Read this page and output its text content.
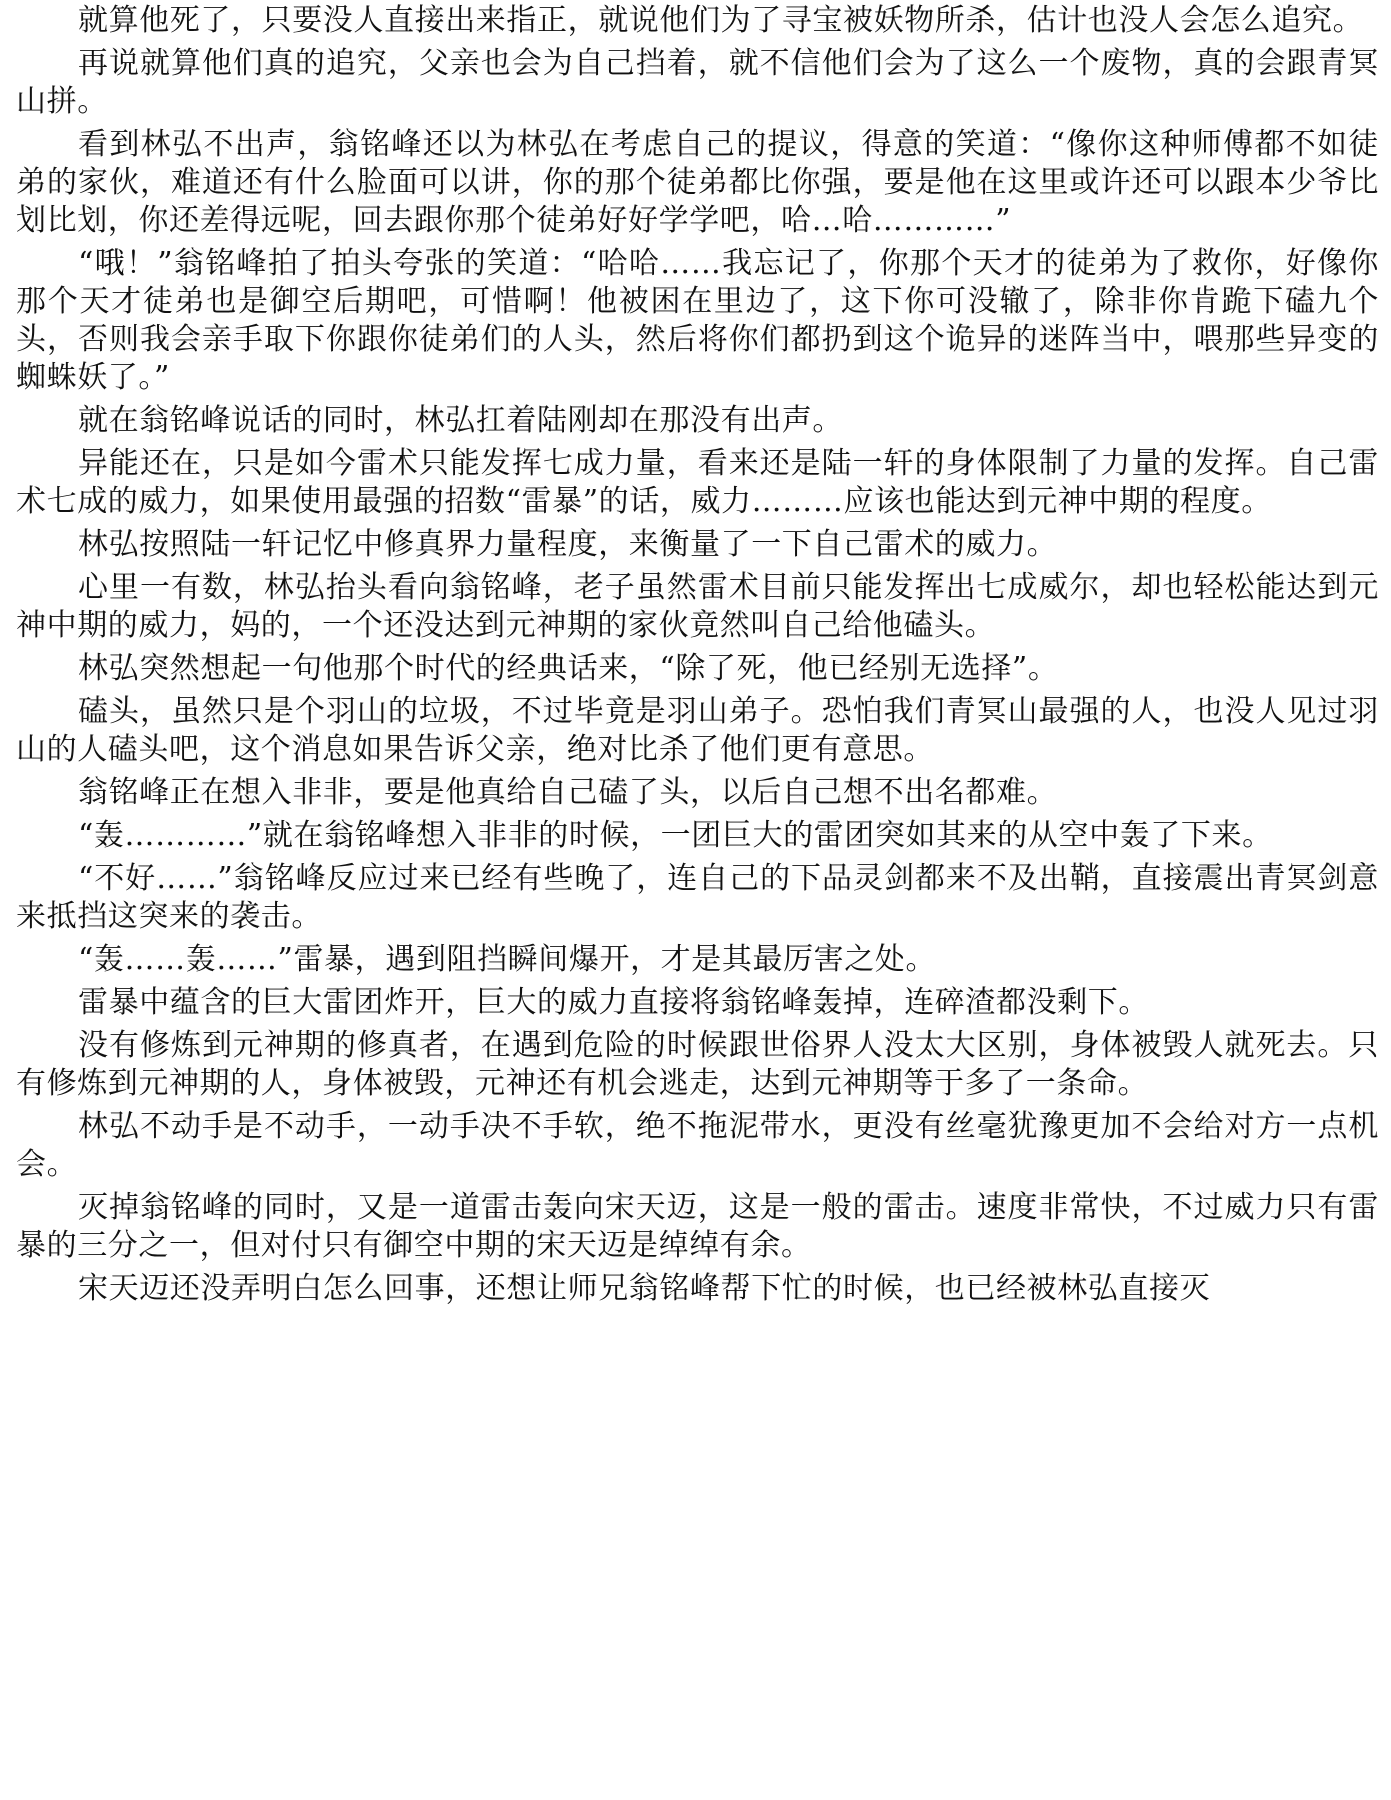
就算他死了，只要没人直接出来指正，就说他们为了寻宝被妖物所杀，估计也没人会怎么追究。

再说就算他们真的追究，父亲也会为自己挡着，就不信他们会为了这么一个废物，真的会跟青冥山拼。

看到林弘不出声，翁铭峰还以为林弘在考虑自己的提议，得意的笑道：“像你这种师傅都不如徒弟的家伙，难道还有什么脸面可以讲，你的那个徒弟都比你强，要是他在这里或许还可以跟本少爷比划比划，你还差得远呢，回去跟你那个徒弟好好学学吧，哈…哈…………”

“哦！”翁铭峰拍了拍头夸张的笑道：“哈哈……我忘记了，你那个天才的徒弟为了救你，好像你那个天才徒弟也是御空后期吧，可惜啊！他被困在里边了，这下你可没辙了，除非你肯跪下磕九个头，否则我会亲手取下你跟你徒弟们的人头，然后将你们都扔到这个诡异的迷阵当中，喂那些异变的蜘蛛妖了。”

就在翁铭峰说话的同时，林弘扛着陆刚却在那没有出声。

异能还在，只是如今雷术只能发挥七成力量，看来还是陆一轩的身体限制了力量的发挥。自己雷术七成的威力，如果使用最强的招数“雷暴”的话，威力………应该也能达到元神中期的程度。

林弘按照陆一轩记忆中修真界力量程度，来衡量了一下自己雷术的威力。

心里一有数，林弘抬头看向翁铭峰，老子虽然雷术目前只能发挥出七成威尔，却也轻松能达到元神中期的威力，妈的，一个还没达到元神期的家伙竟然叫自己给他磕头。

林弘突然想起一句他那个时代的经典话来，“除了死，他已经别无选择”。

磕头，虽然只是个羽山的垃圾，不过毕竟是羽山弟子。恐怕我们青冥山最强的人，也没人见过羽山的人磕头吧，这个消息如果告诉父亲，绝对比杀了他们更有意思。

翁铭峰正在想入非非，要是他真给自己磕了头，以后自己想不出名都难。

“轰…………”就在翁铭峰想入非非的时候，一团巨大的雷团突如其来的从空中轰了下来。

“不好……”翁铭峰反应过来已经有些晚了，连自己的下品灵剑都来不及出鞘，直接震出青冥剑意来抵挡这突来的袭击。

“轰……轰……”雷暴，遇到阻挡瞬间爆开，才是其最厉害之处。

雷暴中蕴含的巨大雷团炸开，巨大的威力直接将翁铭峰轰掉，连碎渣都没剩下。

没有修炼到元神期的修真者，在遇到危险的时候跟世俗界人没太大区别，身体被毁人就死去。只有修炼到元神期的人，身体被毁，元神还有机会逃走，达到元神期等于多了一条命。

林弘不动手是不动手，一动手决不手软，绝不拖泥带水，更没有丝毫犹豫更加不会给对方一点机会。

灭掉翁铭峰的同时，又是一道雷击轰向宋天迈，这是一般的雷击。速度非常快，不过威力只有雷暴的三分之一，但对付只有御空中期的宋天迈是绰绰有余。

宋天迈还没弄明白怎么回事，还想让师兄翁铭峰帮下忙的时候，也已经被林弘直接灭
